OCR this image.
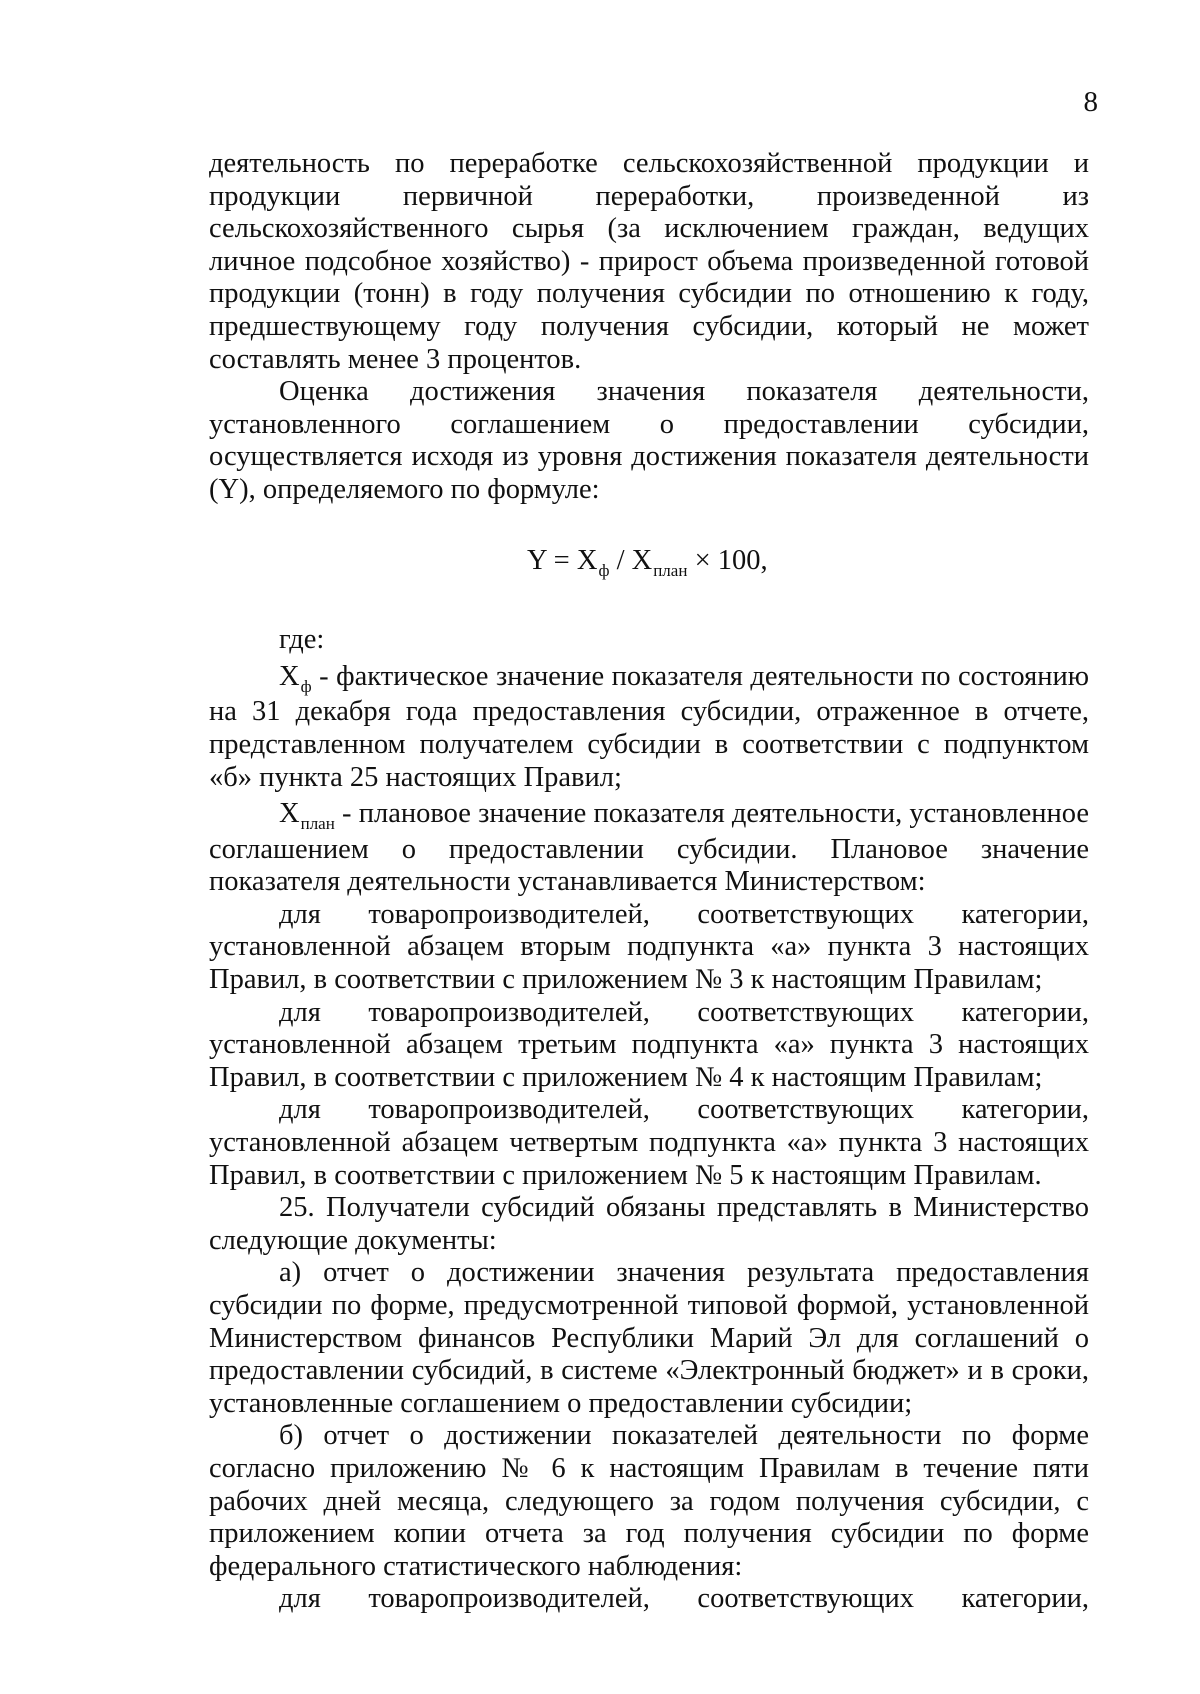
8

деятельность по переработке сельскохозяйственной продукции и продукции первичной переработки, произведенной из сельскохозяйственного сырья (за исключением граждан, ведущих личное подсобное хозяйство) - прирост объема произведенной готовой продукции (тонн) в году получения субсидии по отношению к году, предшествующему году получения субсидии, который не может составлять менее 3 процентов.

Оценка достижения значения показателя деятельности, установленного соглашением о предоставлении субсидии, осуществляется исходя из уровня достижения показателя деятельности (Y), определяемого по формуле:

$Y = X_ф / X_{план} \times 100$,

где:

$X_ф$ - фактическое значение показателя деятельности по состоянию на 31 декабря года предоставления субсидии, отраженное в отчете, представленном получателем субсидии в соответствии с подпунктом «б» пункта 25 настоящих Правил;

$X_{план}$ - плановое значение показателя деятельности, установленное соглашением о предоставлении субсидии. Плановое значение показателя деятельности устанавливается Министерством:

для товаропроизводителей, соответствующих категории, установленной абзацем вторым подпункта «а» пункта 3 настоящих Правил, в соответствии с приложением № 3 к настоящим Правилам;

для товаропроизводителей, соответствующих категории, установленной абзацем третьим подпункта «а» пункта 3 настоящих Правил, в соответствии с приложением № 4 к настоящим Правилам;

для товаропроизводителей, соответствующих категории, установленной абзацем четвертым подпункта «а» пункта 3 настоящих Правил, в соответствии с приложением № 5 к настоящим Правилам.

25. Получатели субсидий обязаны представлять в Министерство следующие документы:

а) отчет о достижении значения результата предоставления субсидии по форме, предусмотренной типовой формой, установленной Министерством финансов Республики Марий Эл для соглашений о предоставлении субсидий, в системе «Электронный бюджет» и в сроки, установленные соглашением о предоставлении субсидии;

б) отчет о достижении показателей деятельности по форме согласно приложению № 6 к настоящим Правилам в течение пяти рабочих дней месяца, следующего за годом получения субсидии, с приложением копии отчета за год получения субсидии по форме федерального статистического наблюдения:

для товаропроизводителей, соответствующих категории,
